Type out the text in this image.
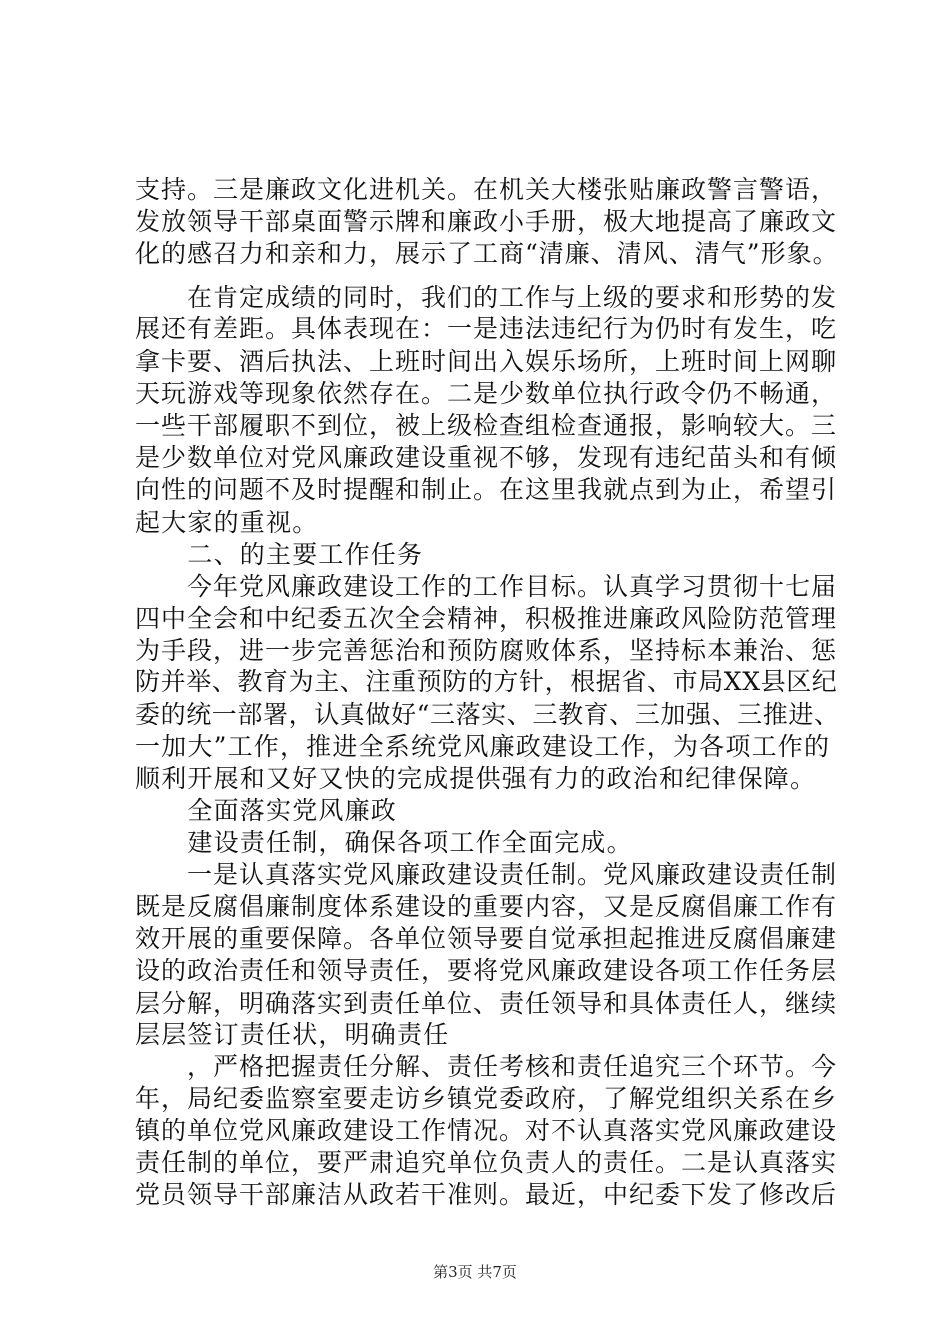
支持。三是廉政文化进机关。在机关大楼张贴廉政警言警语，
发放领导干部桌面警示牌和廉政小手册，极大地提高了廉政文
化的感召力和亲和力，展示了工商“清廉、清风、清气”形象。
　　在肯定成绩的同时，我们的工作与上级的要求和形势的发
展还有差距。具体表现在：一是违法违纪行为仍时有发生，吃
拿卡要、酒后执法、上班时间出入娱乐场所，上班时间上网聊
天玩游戏等现象依然存在。二是少数单位执行政令仍不畅通，
一些干部履职不到位，被上级检查组检查通报，影响较大。三
是少数单位对党风廉政建设重视不够，发现有违纪苗头和有倾
向性的问题不及时提醒和制止。在这里我就点到为止，希望引
起大家的重视。
　　二、的主要工作任务
　　今年党风廉政建设工作的工作目标。认真学习贯彻十七届
四中全会和中纪委五次全会精神，积极推进廉政风险防范管理
为手段，进一步完善惩治和预防腐败体系，坚持标本兼治、惩
防并举、教育为主、注重预防的方针，根据省、市局XX县区纪
委的统一部署，认真做好“三落实、三教育、三加强、三推进、
一加大”工作，推进全系统党风廉政建设工作，为各项工作的
顺利开展和又好又快的完成提供强有力的政治和纪律保障。
　　全面落实党风廉政
　　建设责任制，确保各项工作全面完成。
　　一是认真落实党风廉政建设责任制。党风廉政建设责任制
既是反腐倡廉制度体系建设的重要内容，又是反腐倡廉工作有
效开展的重要保障。各单位领导要自觉承担起推进反腐倡廉建
设的政治责任和领导责任，要将党风廉政建设各项工作任务层
层分解，明确落实到责任单位、责任领导和具体责任人，继续
层层签订责任状，明确责任
　　，严格把握责任分解、责任考核和责任追究三个环节。今
年，局纪委监察室要走访乡镇党委政府，了解党组织关系在乡
镇的单位党风廉政建设工作情况。对不认真落实党风廉政建设
责任制的单位，要严肃追究单位负责人的责任。二是认真落实
党员领导干部廉洁从政若干准则。最近，中纪委下发了修改后
第3页 共7页
